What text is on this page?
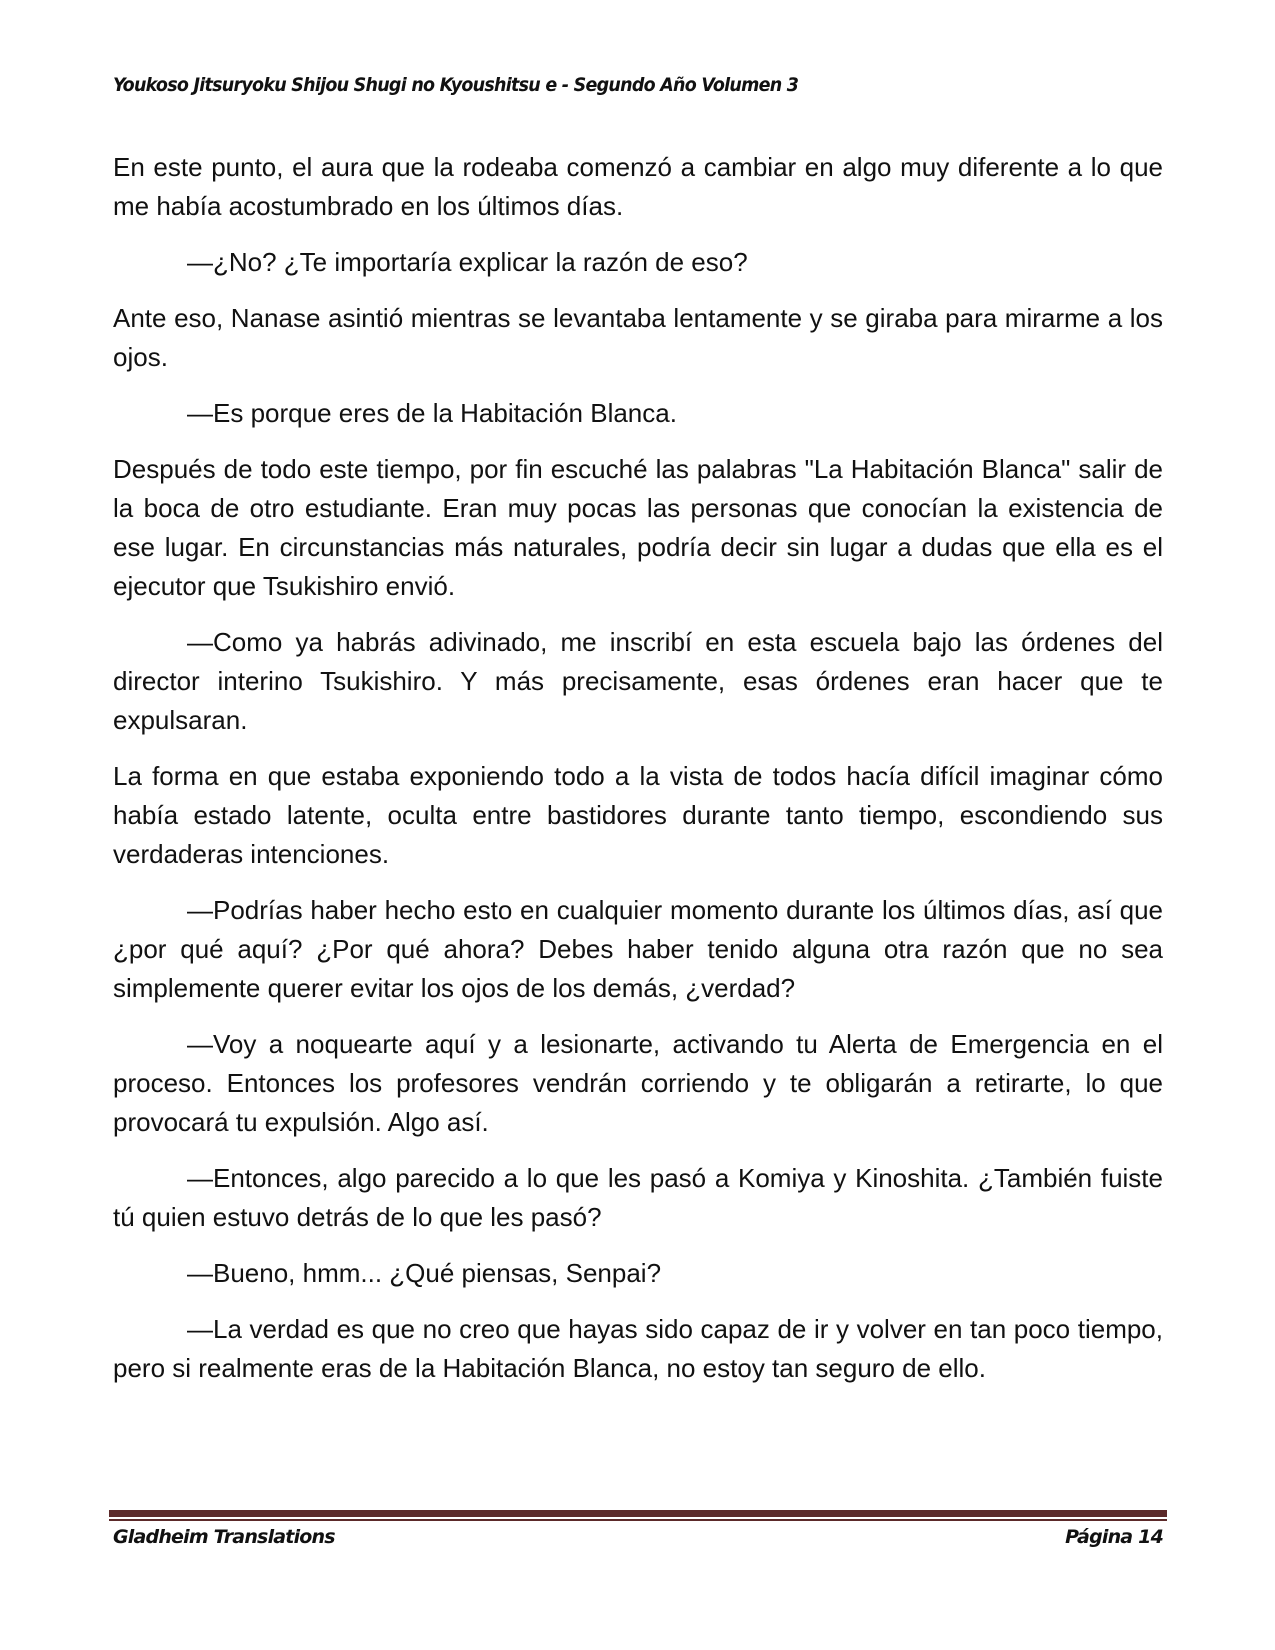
Youkoso Jitsuryoku Shijou Shugi no Kyoushitsu e - Segundo Año Volumen 3

En este punto, el aura que la rodeaba comenzó a cambiar en algo muy diferente a lo que me había acostumbrado en los últimos días.

—¿No? ¿Te importaría explicar la razón de eso?

Ante eso, Nanase asintió mientras se levantaba lentamente y se giraba para mirarme a los ojos.

—Es porque eres de la Habitación Blanca.

Después de todo este tiempo, por fin escuché las palabras "La Habitación Blanca" salir de la boca de otro estudiante. Eran muy pocas las personas que conocían la existencia de ese lugar. En circunstancias más naturales, podría decir sin lugar a dudas que ella es el ejecutor que Tsukishiro envió.

—Como ya habrás adivinado, me inscribí en esta escuela bajo las órdenes del director interino Tsukishiro. Y más precisamente, esas órdenes eran hacer que te expulsaran.

La forma en que estaba exponiendo todo a la vista de todos hacía difícil imaginar cómo había estado latente, oculta entre bastidores durante tanto tiempo, escondiendo sus verdaderas intenciones.

—Podrías haber hecho esto en cualquier momento durante los últimos días, así que ¿por qué aquí? ¿Por qué ahora? Debes haber tenido alguna otra razón que no sea simplemente querer evitar los ojos de los demás, ¿verdad?

—Voy a noquearte aquí y a lesionarte, activando tu Alerta de Emergencia en el proceso. Entonces los profesores vendrán corriendo y te obligarán a retirarte, lo que provocará tu expulsión. Algo así.

—Entonces, algo parecido a lo que les pasó a Komiya y Kinoshita. ¿También fuiste tú quien estuvo detrás de lo que les pasó?

—Bueno, hmm... ¿Qué piensas, Senpai?

—La verdad es que no creo que hayas sido capaz de ir y volver en tan poco tiempo, pero si realmente eras de la Habitación Blanca, no estoy tan seguro de ello.

Gladheim Translations	Página 14
